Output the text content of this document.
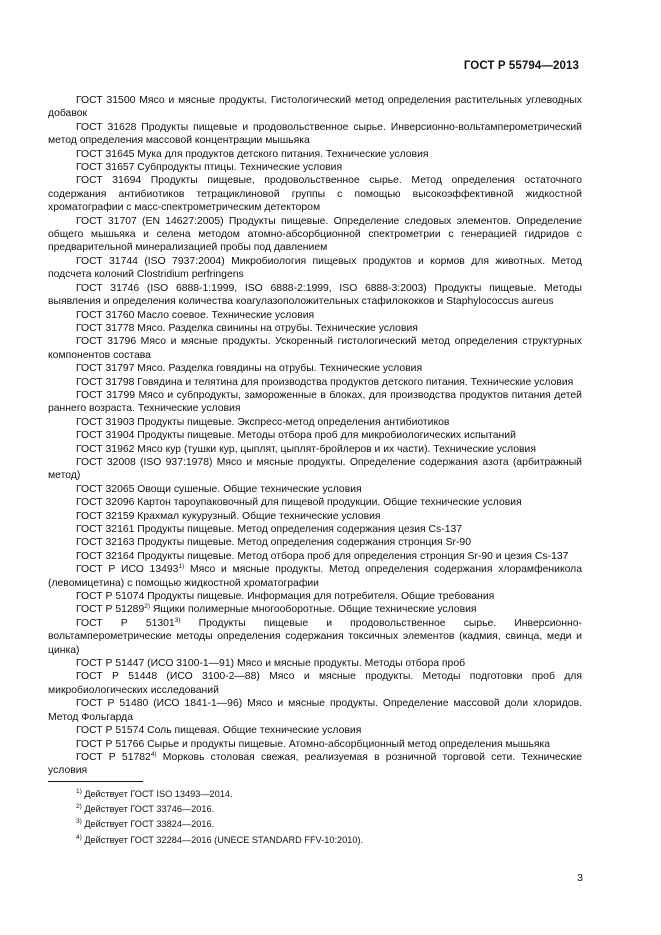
ГОСТ Р 55794—2013

ГОСТ 31500 Мясо и мясные продукты. Гистологический метод определения растительных углеводных добавок

ГОСТ 31628 Продукты пищевые и продовольственное сырье. Инверсионно-вольтамперометрический метод определения массовой концентрации мышьяка

ГОСТ 31645 Мука для продуктов детского питания. Технические условия

ГОСТ 31657 Субпродукты птицы. Технические условия

ГОСТ 31694 Продукты пищевые, продовольственное сырье. Метод определения остаточного содержания антибиотиков тетрациклиновой группы с помощью высокоэффективной жидкостной хроматографии с масс-спектрометрическим детектором

ГОСТ 31707 (EN 14627:2005) Продукты пищевые. Определение следовых элементов. Определение общего мышьяка и селена методом атомно-абсорбционной спектрометрии с генерацией гидридов с предварительной минерализацией пробы под давлением

ГОСТ 31744 (ISO 7937:2004) Микробиология пищевых продуктов и кормов для животных. Метод подсчета колоний Clostridium perfringens

ГОСТ 31746 (ISO 6888-1:1999, ISO 6888-2:1999, ISO 6888-3:2003) Продукты пищевые. Методы выявления и определения количества коагулазоположительных стафилококков и Staphylococcus aureus

ГОСТ 31760 Масло соевое. Технические условия

ГОСТ 31778 Мясо. Разделка свинины на отрубы. Технические условия

ГОСТ 31796 Мясо и мясные продукты. Ускоренный гистологический метод определения структурных компонентов состава

ГОСТ 31797 Мясо. Разделка говядины на отрубы. Технические условия

ГОСТ 31798 Говядина и телятина для производства продуктов детского питания. Технические условия

ГОСТ 31799 Мясо и субпродукты, замороженные в блоках, для производства продуктов питания детей раннего возраста. Технические условия

ГОСТ 31903 Продукты пищевые. Экспресс-метод определения антибиотиков

ГОСТ 31904 Продукты пищевые. Методы отбора проб для микробиологических испытаний

ГОСТ 31962 Мясо кур (тушки кур, цыплят, цыплят-бройлеров и их части). Технические условия

ГОСТ 32008 (ISO 937:1978) Мясо и мясные продукты. Определение содержания азота (арбитражный метод)

ГОСТ 32065 Овощи сушеные. Общие технические условия

ГОСТ 32096 Картон тароупаковочный для пищевой продукции. Общие технические условия

ГОСТ 32159 Крахмал кукурузный. Общие технические условия

ГОСТ 32161 Продукты пищевые. Метод определения содержания цезия Cs-137

ГОСТ 32163 Продукты пищевые. Метод определения содержания стронция Sr-90

ГОСТ 32164 Продукты пищевые. Метод отбора проб для определения стронция Sr-90 и цезия Cs-137

ГОСТ Р ИСО 13493$^{1)}$ Мясо и мясные продукты. Метод определения содержания хлорамфеникола (левомицетина) с помощью жидкостной хроматографии

ГОСТ Р 51074 Продукты пищевые. Информация для потребителя. Общие требования

ГОСТ Р 51289$^{2)}$ Ящики полимерные многооборотные. Общие технические условия

ГОСТ Р 51301$^{3)}$ Продукты пищевые и продовольственное сырье. Инверсионно-вольтамперометрические методы определения содержания токсичных элементов (кадмия, свинца, меди и цинка)

ГОСТ Р 51447 (ИСО 3100-1—91) Мясо и мясные продукты. Методы отбора проб

ГОСТ Р 51448 (ИСО 3100-2—88) Мясо и мясные продукты. Методы подготовки проб для микробиологических исследований

ГОСТ Р 51480 (ИСО 1841-1—96) Мясо и мясные продукты. Определение массовой доли хлоридов. Метод Фольгарда

ГОСТ Р 51574 Соль пищевая. Общие технические условия

ГОСТ Р 51766 Сырье и продукты пищевые. Атомно-абсорбционный метод определения мышьяка

ГОСТ Р 51782$^{4)}$ Морковь столовая свежая, реализуемая в розничной торговой сети. Технические условия

$^{1)}$ Действует ГОСТ ISO 13493—2014.

$^{2)}$ Действует ГОСТ 33746—2016.

$^{3)}$ Действует ГОСТ 33824—2016.

$^{4)}$ Действует ГОСТ 32284—2016 (UNECE STANDARD FFV-10:2010).

3
